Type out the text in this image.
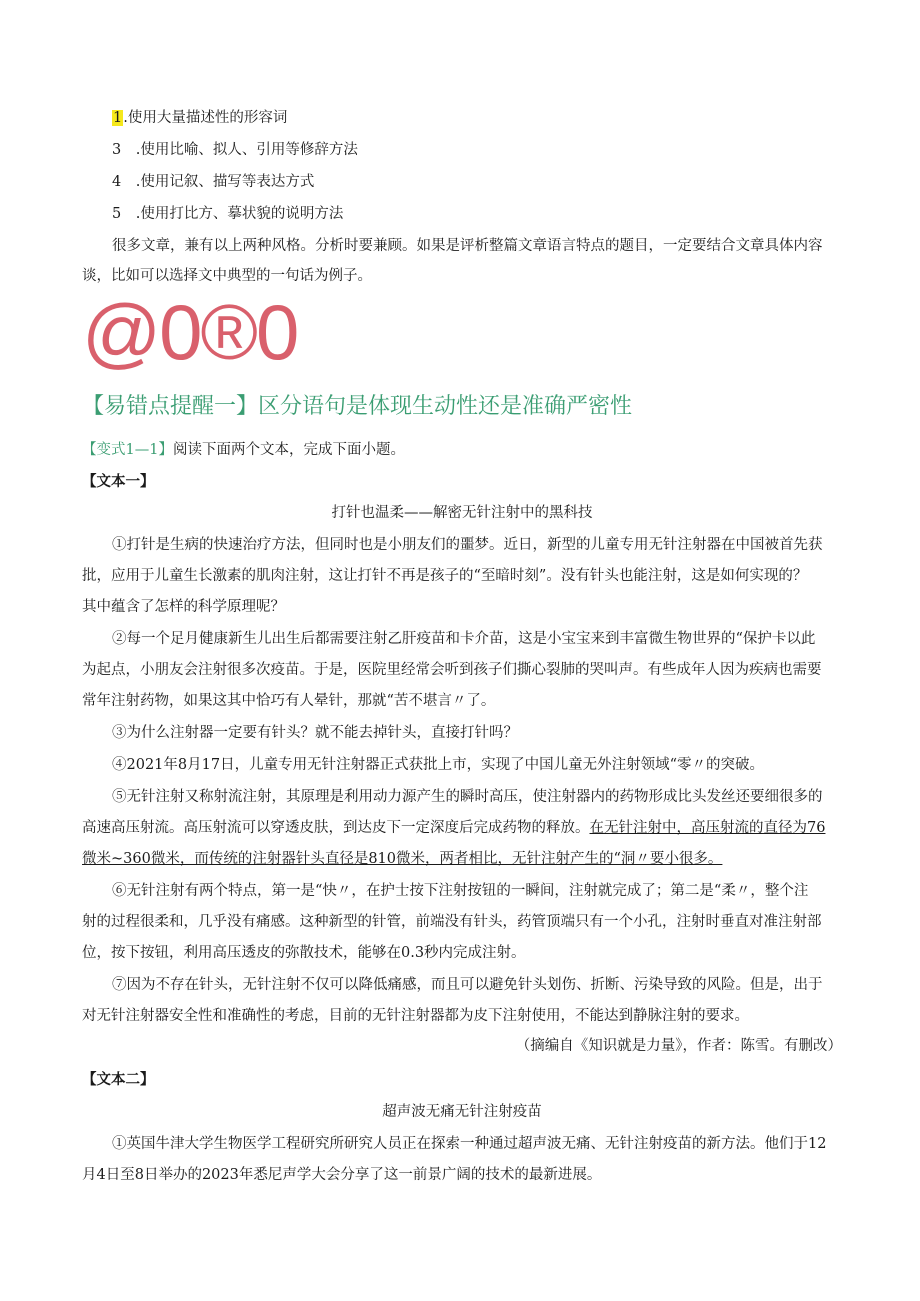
1.使用大量描述性的形容词
3　.使用比喻、拟人、引用等修辞方法
4　.使用记叙、描写等表达方式
5　.使用打比方、摹状貌的说明方法
很多文章，兼有以上两种风格。分析时要兼顾。如果是评析整篇文章语言特点的题目，一定要结合文章具体内容
谈，比如可以选择文中典型的一句话为例子。
@0®0
【易错点提醒一】区分语句是体现生动性还是准确严密性
【变式1—1】阅读下面两个文本，完成下面小题。
【文本一】
打针也温柔——解密无针注射中的黑科技
①打针是生病的快速治疗方法，但同时也是小朋友们的噩梦。近日，新型的儿童专用无针注射器在中国被首先获
批，应用于儿童生长激素的肌肉注射，这让打针不再是孩子的“至暗时刻”。没有针头也能注射，这是如何实现的？
其中蕴含了怎样的科学原理呢？
②每一个足月健康新生儿出生后都需要注射乙肝疫苗和卡介苗，这是小宝宝来到丰富微生物世界的“保护卡以此
为起点，小朋友会注射很多次疫苗。于是，医院里经常会听到孩子们撕心裂肺的哭叫声。有些成年人因为疾病也需要
常年注射药物，如果这其中恰巧有人晕针，那就“苦不堪言〃了。
③为什么注射器一定要有针头？就不能去掉针头，直接打针吗？
④2021年8月17日，儿童专用无针注射器正式获批上市，实现了中国儿童无外注射领域“零〃的突破。
⑤无针注射又称射流注射，其原理是利用动力源产生的瞬时高压，使注射器内的药物形成比头发丝还要细很多的
高速高压射流。高压射流可以穿透皮肤，到达皮下一定深度后完成药物的释放。在无针注射中，高压射流的直径为76
微米~360微米，而传统的注射器针头直径是810微米，两者相比，无针注射产生的“洞〃要小很多。
⑥无针注射有两个特点，第一是“快〃，在护士按下注射按钮的一瞬间，注射就完成了；第二是“柔〃，整个注
射的过程很柔和，几乎没有痛感。这种新型的针管，前端没有针头，药管顶端只有一个小孔，注射时垂直对准注射部
位，按下按钮，利用高压透皮的弥散技术，能够在0.3秒内完成注射。
⑦因为不存在针头，无针注射不仅可以降低痛感，而且可以避免针头划伤、折断、污染导致的风险。但是，出于
对无针注射器安全性和准确性的考虑，目前的无针注射器都为皮下注射使用，不能达到静脉注射的要求。
（摘编自《知识就是力量》，作者：陈雪。有删改）
【文本二】
超声波无痛无针注射疫苗
①英国牛津大学生物医学工程研究所研究人员正在探索一种通过超声波无痛、无针注射疫苗的新方法。他们于12
月4日至8日举办的2023年悉尼声学大会分享了这一前景广阔的技术的最新进展。
